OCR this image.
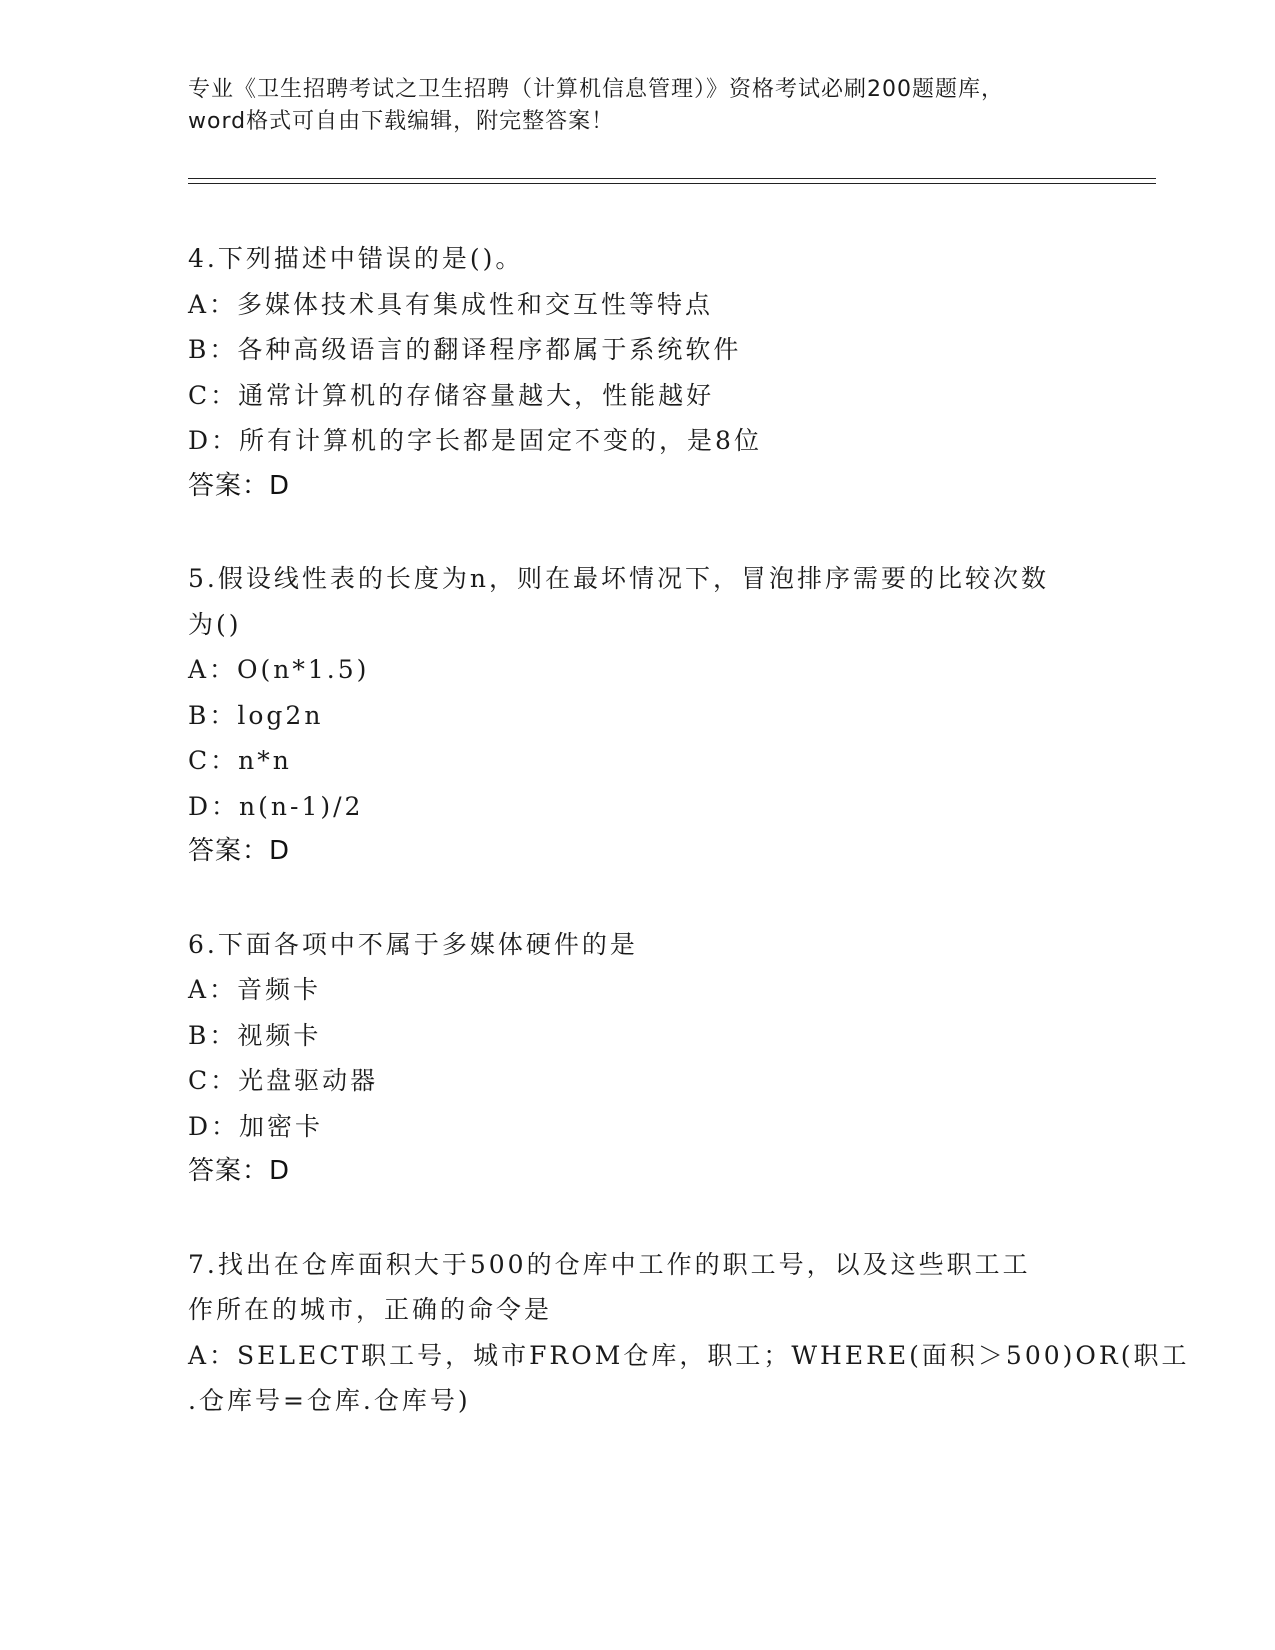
专业《卫生招聘考试之卫生招聘（计算机信息管理）》资格考试必刷200题题库，
word格式可自由下载编辑，附完整答案！
4.下列描述中错误的是()。
A：多媒体技术具有集成性和交互性等特点
B：各种高级语言的翻译程序都属于系统软件
C：通常计算机的存储容量越大，性能越好
D：所有计算机的字长都是固定不变的，是8位
答案：D
5.假设线性表的长度为n，则在最坏情况下，冒泡排序需要的比较次数
为()
A：O(n*1.5)
B：log2n
C：n*n
D：n(n-1)/2
答案：D
6.下面各项中不属于多媒体硬件的是
A：音频卡
B：视频卡
C：光盘驱动器
D：加密卡
答案：D
7.找出在仓库面积大于500的仓库中工作的职工号，以及这些职工工
作所在的城市，正确的命令是
A：SELECT职工号，城市FROM仓库，职工；WHERE(面积＞500)OR(职工
.仓库号=仓库.仓库号)
